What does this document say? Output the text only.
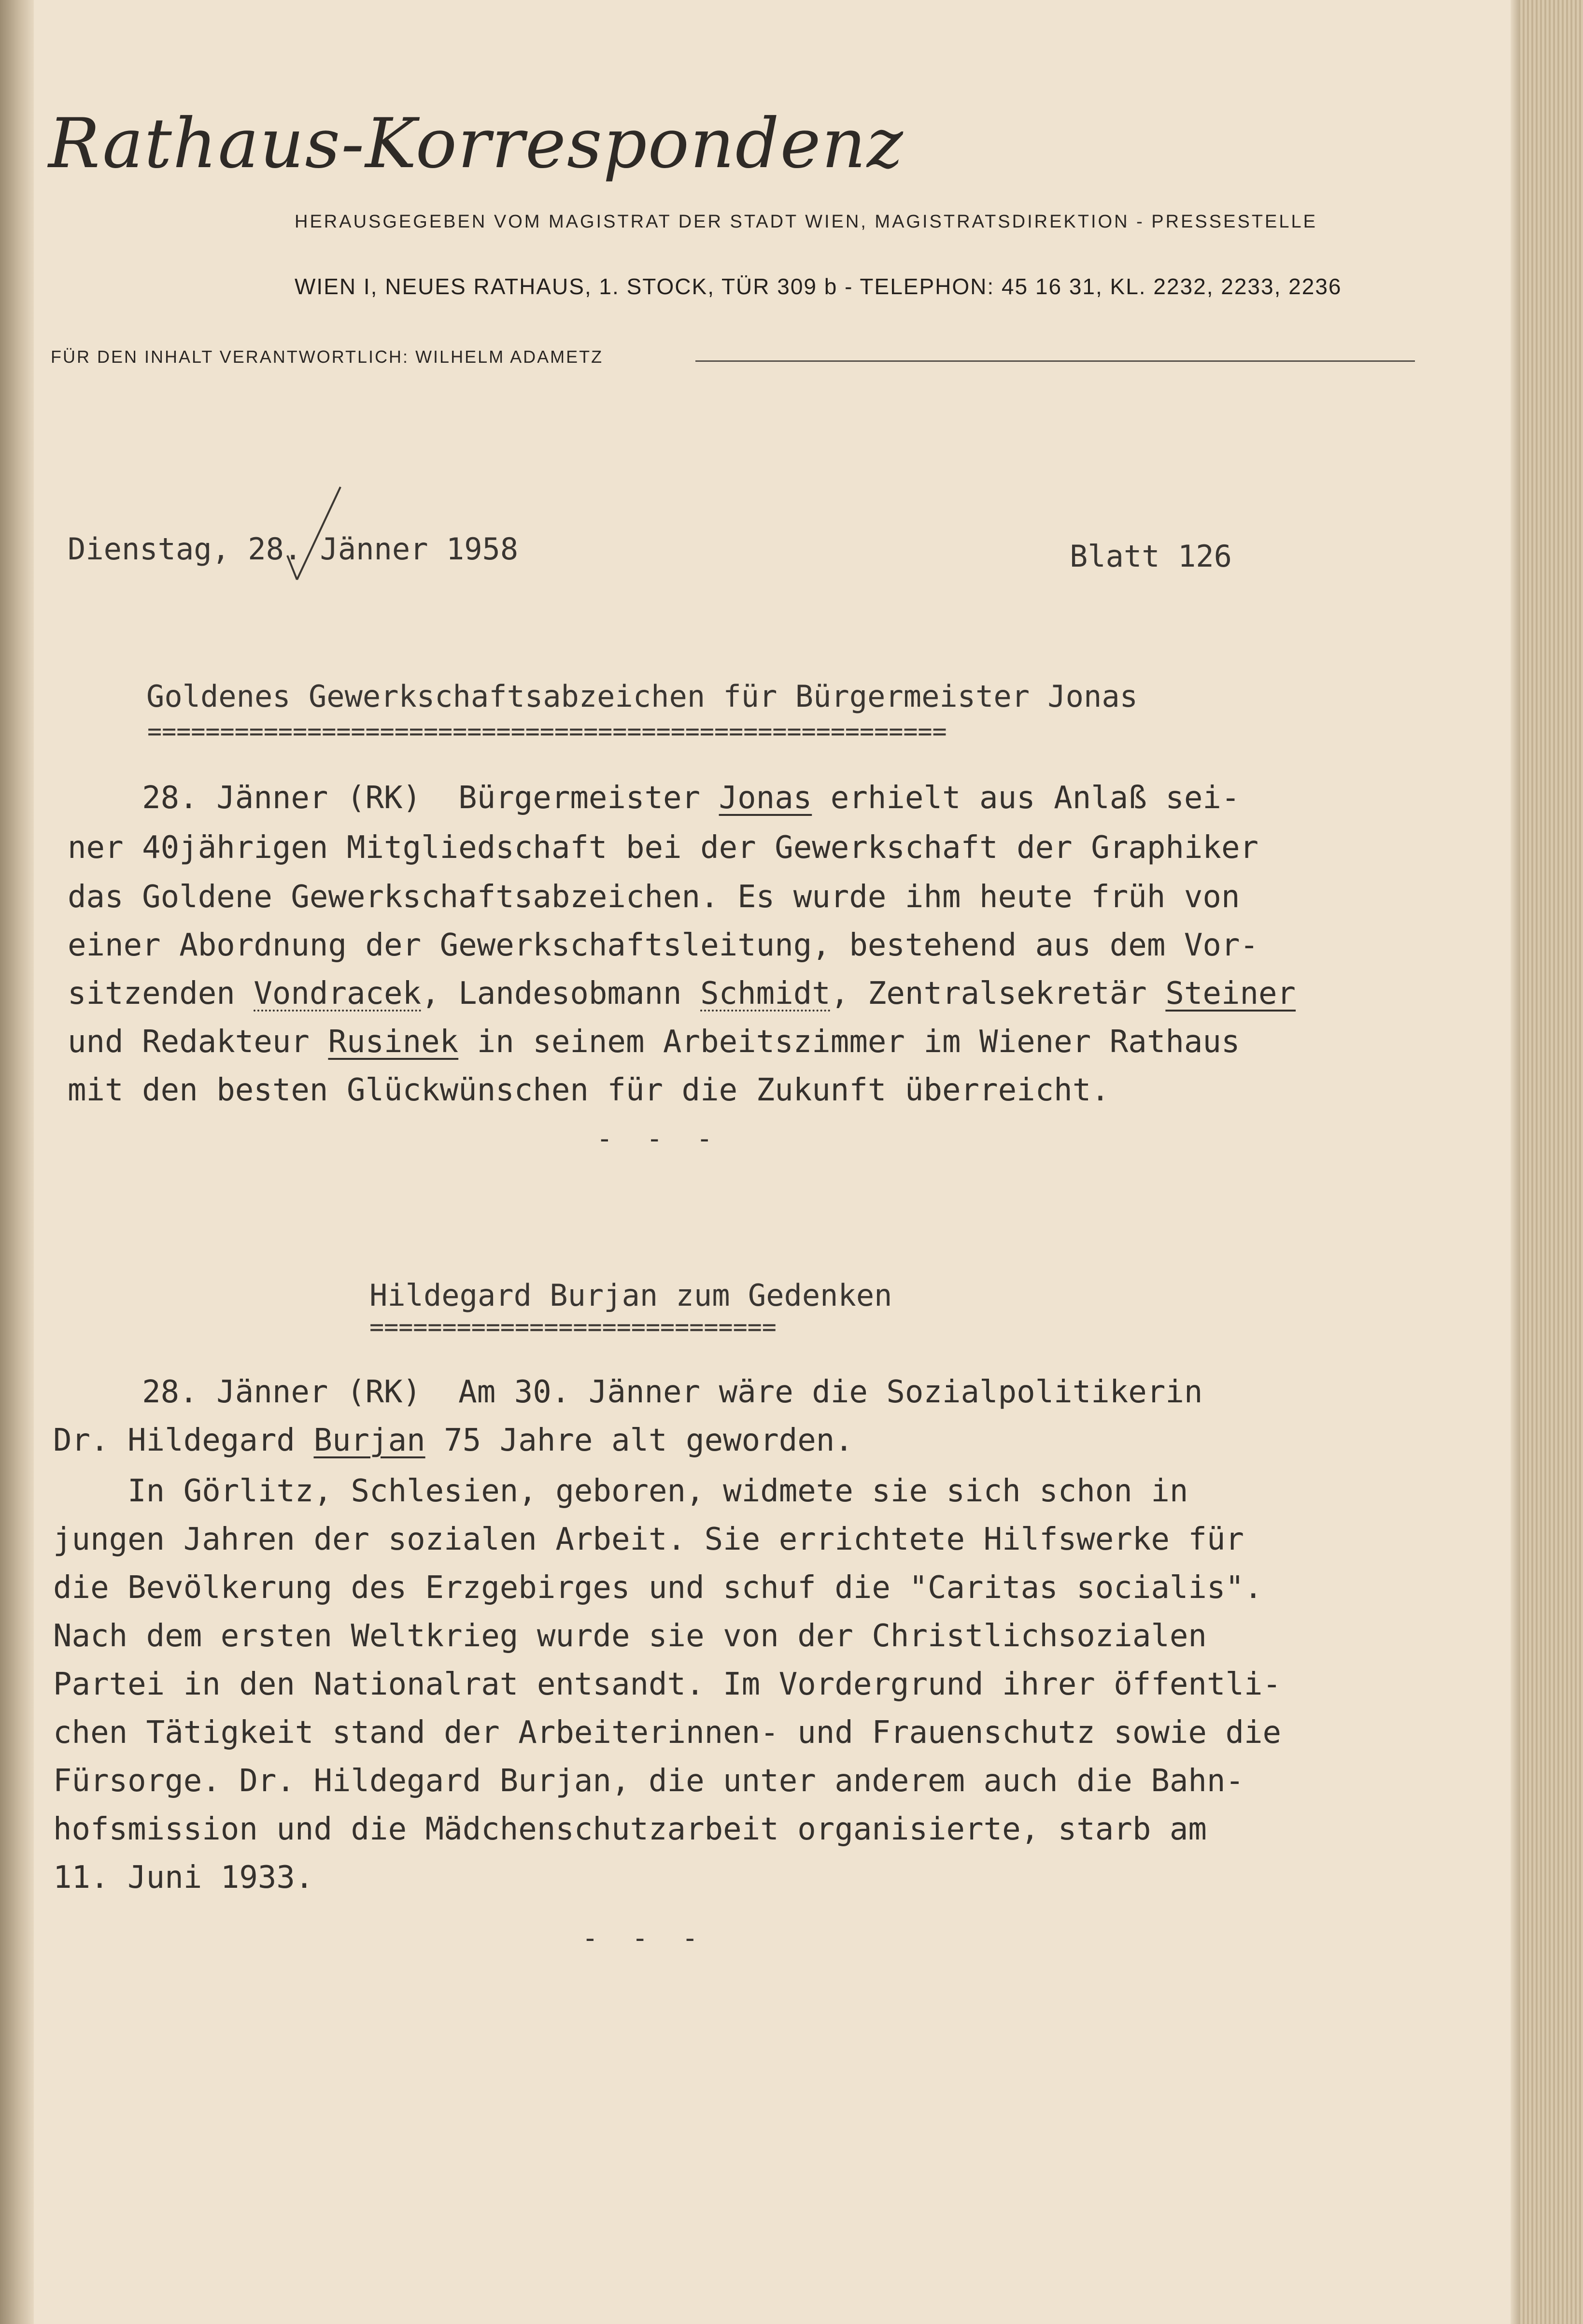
Rathaus-Korrespondenz
HERAUSGEGEBEN VOM MAGISTRAT DER STADT WIEN, MAGISTRATSDIREKTION - PRESSESTELLE
WIEN I, NEUES RATHAUS, 1. STOCK, TÜR 309 b - TELEPHON: 45 16 31, KL. 2232, 2233, 2236
FÜR DEN INHALT VERANTWORTLICH: WILHELM ADAMETZ
Dienstag, 28. Jänner 1958	Blatt 126
Goldenes Gewerkschaftsabzeichen für Bürgermeister Jonas
=======================================================
28. Jänner (RK)  Bürgermeister Jonas erhielt aus Anlaß sei-
ner 40jährigen Mitgliedschaft bei der Gewerkschaft der Graphiker
das Goldene Gewerkschaftsabzeichen. Es wurde ihm heute früh von
einer Abordnung der Gewerkschaftsleitung, bestehend aus dem Vor-
sitzenden Vondracek, Landesobmann Schmidt, Zentralsekretär Steiner
und Redakteur Rusinek in seinem Arbeitszimmer im Wiener Rathaus
mit den besten Glückwünschen für die Zukunft überreicht.
- - -
Hildegard Burjan zum Gedenken
============================
28. Jänner (RK)  Am 30. Jänner wäre die Sozialpolitikerin
Dr. Hildegard Burjan 75 Jahre alt geworden.
In Görlitz, Schlesien, geboren, widmete sie sich schon in
jungen Jahren der sozialen Arbeit. Sie errichtete Hilfswerke für
die Bevölkerung des Erzgebirges und schuf die "Caritas socialis".
Nach dem ersten Weltkrieg wurde sie von der Christlichsozialen
Partei in den Nationalrat entsandt. Im Vordergrund ihrer öffentli-
chen Tätigkeit stand der Arbeiterinnen- und Frauenschutz sowie die
Fürsorge. Dr. Hildegard Burjan, die unter anderem auch die Bahn-
hofsmission und die Mädchenschutzarbeit organisierte, starb am
11. Juni 1933.
- - -
